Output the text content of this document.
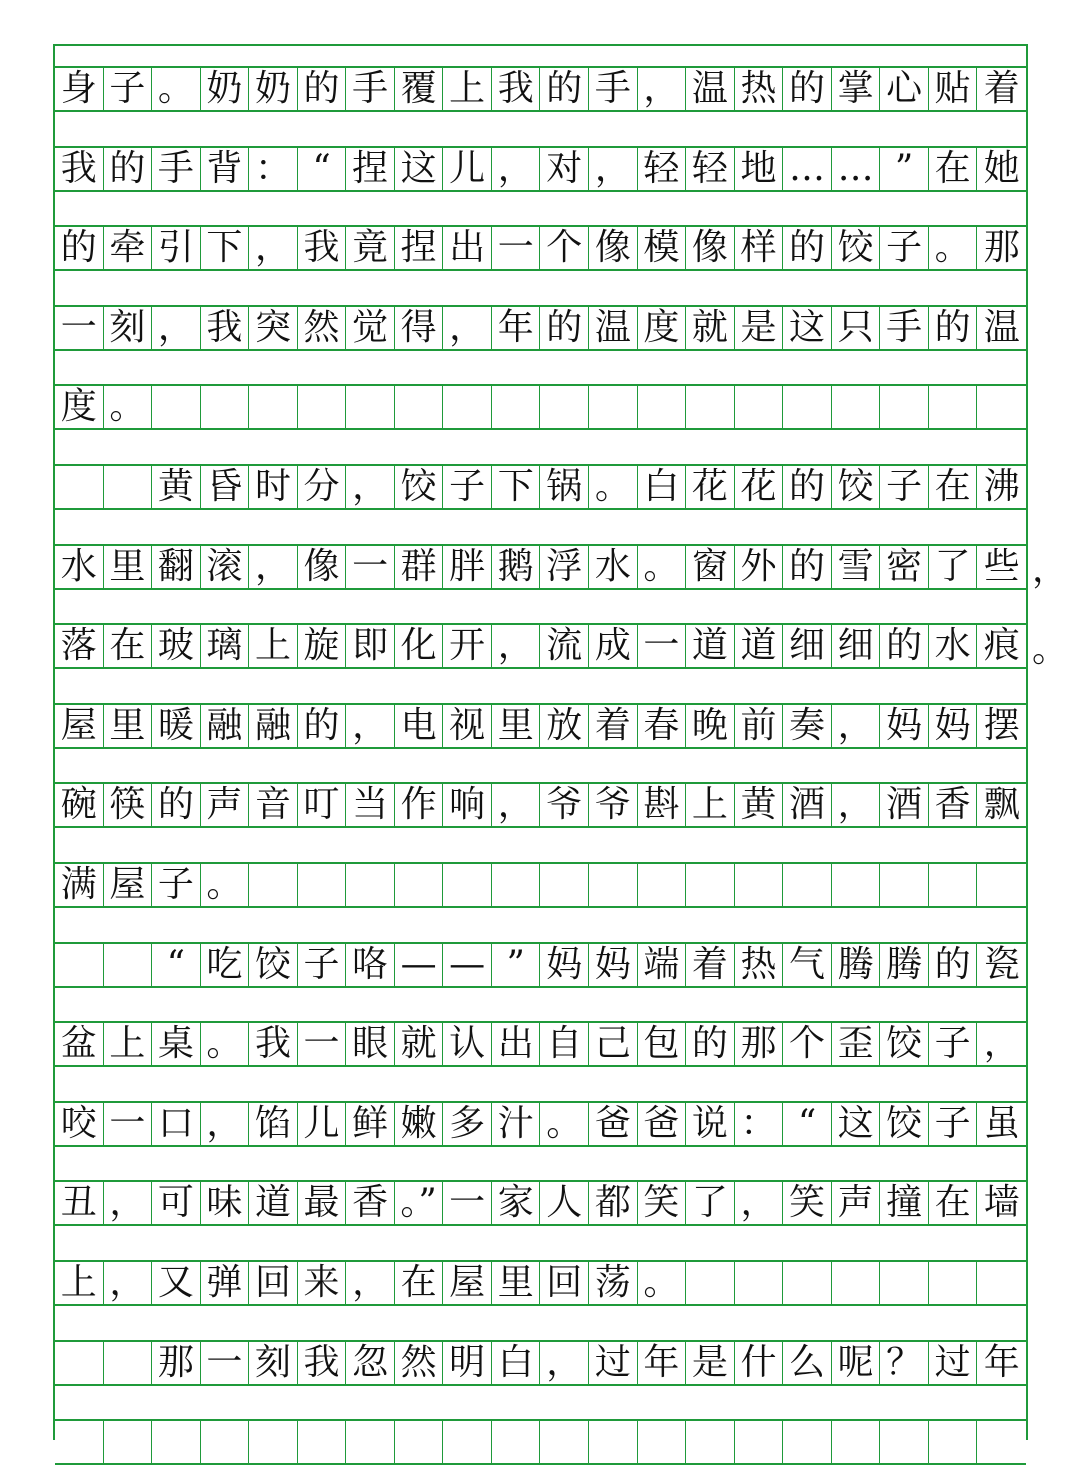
身 子 。 奶 奶 的 手 覆 上 我 的 手 ， 温 热 的 掌 心 贴 着
我 的 手 背 ： “ 捏 这 儿 ， 对 ， 轻 轻 地 … … ” 在 她
的 牵 引 下 ， 我 竟 捏 出 一 个 像 模 像 样 的 饺 子 。 那
一 刻 ， 我 突 然 觉 得 ， 年 的 温 度 就 是 这 只 手 的 温
度 。
黄 昏 时 分 ， 饺 子 下 锅 。 白 花 花 的 饺 子 在 沸
水 里 翻 滚 ， 像 一 群 胖 鹅 浮 水 。 窗 外 的 雪 密 了 些 ，
落 在 玻 璃 上 旋 即 化 开 ， 流 成 一 道 道 细 细 的 水 痕 。
屋 里 暖 融 融 的 ， 电 视 里 放 着 春 晚 前 奏 ， 妈 妈 摆
碗 筷 的 声 音 叮 当 作 响 ， 爷 爷 斟 上 黄 酒 ， 酒 香 飘
满 屋 子 。
“ 吃 饺 子 咯 — — ” 妈 妈 端 着 热 气 腾 腾 的 瓷
盆 上 桌 。 我 一 眼 就 认 出 自 己 包 的 那 个 歪 饺 子 ，
咬 一 口 ， 馅 儿 鲜 嫩 多 汁 。 爸 爸 说 ： “ 这 饺 子 虽
丑 ， 可 味 道 最 香 。” 一 家 人 都 笑 了 ， 笑 声 撞 在 墙
上 ， 又 弹 回 来 ， 在 屋 里 回 荡 。
那 一 刻 我 忽 然 明 白 ， 过 年 是 什 么 呢 ？ 过 年
